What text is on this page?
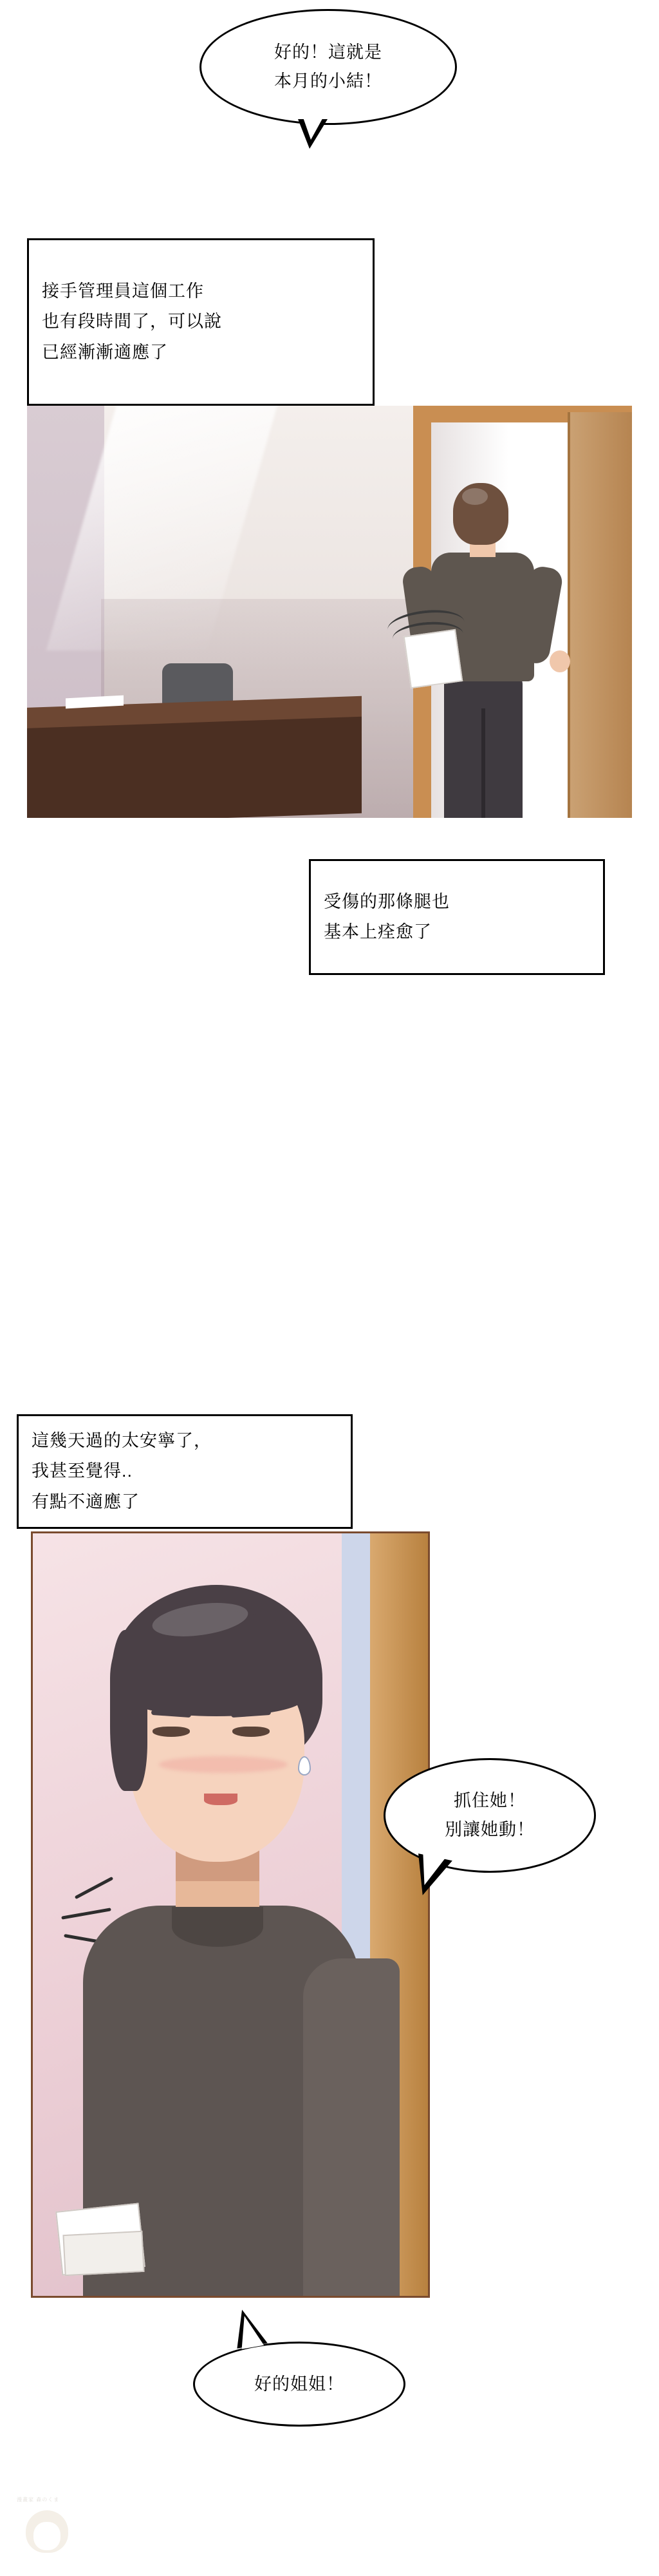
好的！這就是
本月的小結！
接手管理員這個工作
也有段時間了，可以說
已經漸漸適應了
受傷的那條腿也
基本上痊愈了
這幾天過的太安寧了，
我甚至覺得..
有點不適應了
抓住她！
別讓她動！
好的姐姐！
漫畫家 森のくま
